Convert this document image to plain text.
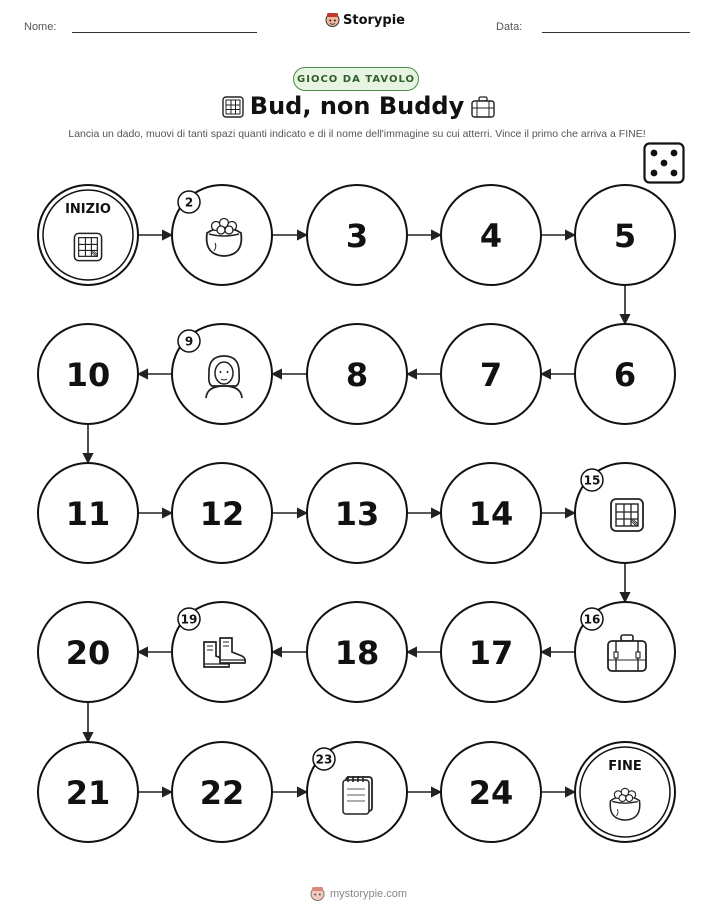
Nome:	Storypie	Data:
GIOCO DA TAVOLO
Bud, non Buddy
Lancia un dado, muovi di tanti spazi quanti indicato e di il nome dell'immagine su cui atterri. Vince il primo che arriva a FINE!
INIZIO	2
3	4	5
6
7
8
9
10
11	12	13	14
15
16
17
18
19
20
21	22
23
24
FINE
mystorypie.com
